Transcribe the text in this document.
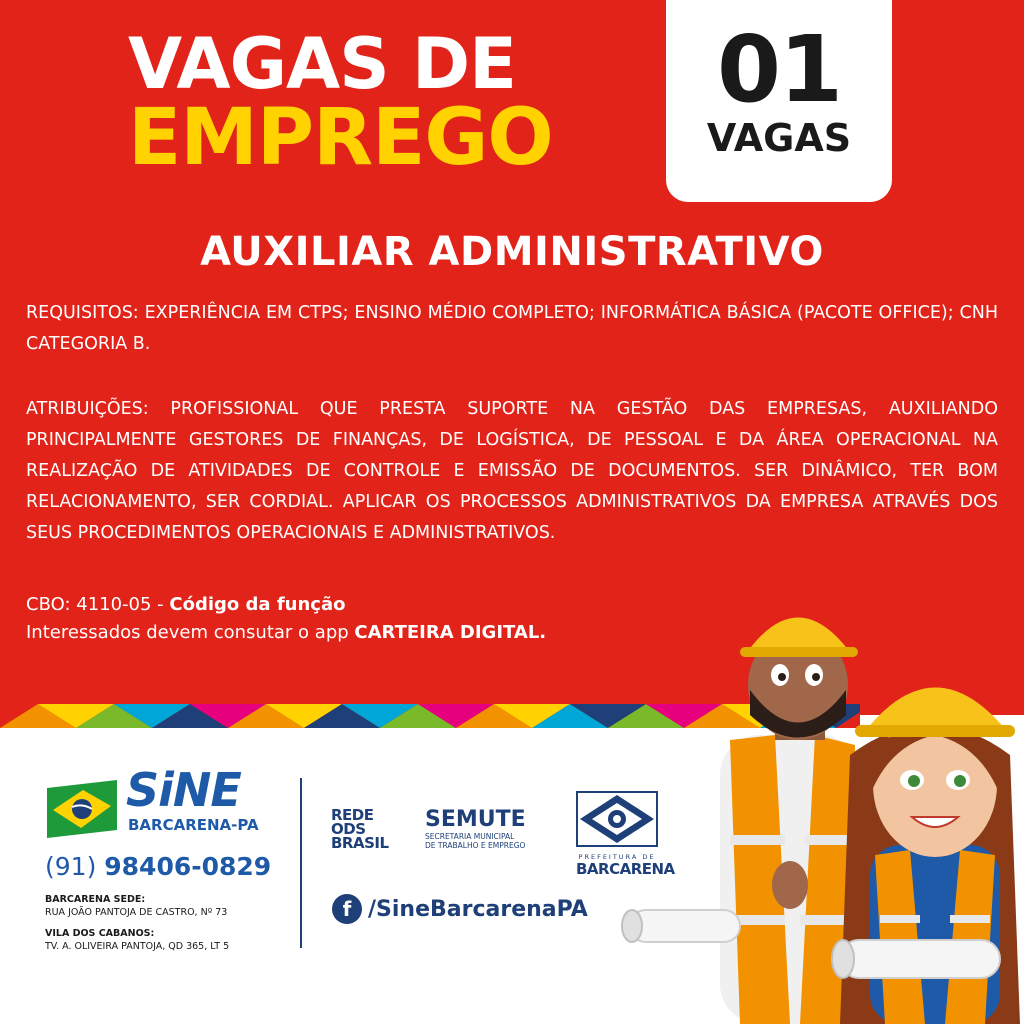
VAGAS DE
EMPREGO
01
VAGAS
AUXILIAR ADMINISTRATIVO
REQUISITOS: EXPERIÊNCIA EM CTPS; ENSINO MÉDIO COMPLETO; INFORMÁTICA BÁSICA (PACOTE OFFICE); CNH CATEGORIA B.
ATRIBUIÇÕES: PROFISSIONAL QUE PRESTA SUPORTE NA GESTÃO DAS EMPRESAS, AUXILIANDO PRINCIPALMENTE GESTORES DE FINANÇAS, DE LOGÍSTICA, DE PESSOAL E DA ÁREA OPERACIONAL NA REALIZAÇÃO DE ATIVIDADES DE CONTROLE E EMISSÃO DE DOCUMENTOS. SER DINÂMICO, TER BOM RELACIONAMENTO, SER CORDIAL. APLICAR OS PROCESSOS ADMINISTRATIVOS DA EMPRESA ATRAVÉS DOS SEUS PROCEDIMENTOS OPERACIONAIS E ADMINISTRATIVOS.
CBO: 4110-05 - Código da função
Interessados devem consutar o app CARTEIRA DIGITAL.
SiNE
BARCARENA-PA
(91) 98406-0829
BARCARENA SEDE:
RUA JOÃO PANTOJA DE CASTRO, Nº 73
VILA DOS CABANOS:
TV. A. OLIVEIRA PANTOJA, QD 365, LT 5
REDE
ODS
BRASIL
SEMUTE
SECRETARIA MUNICIPAL
DE TRABALHO E EMPREGO
PREFEITURA DE
BARCARENA
f /SineBarcarenaPA
